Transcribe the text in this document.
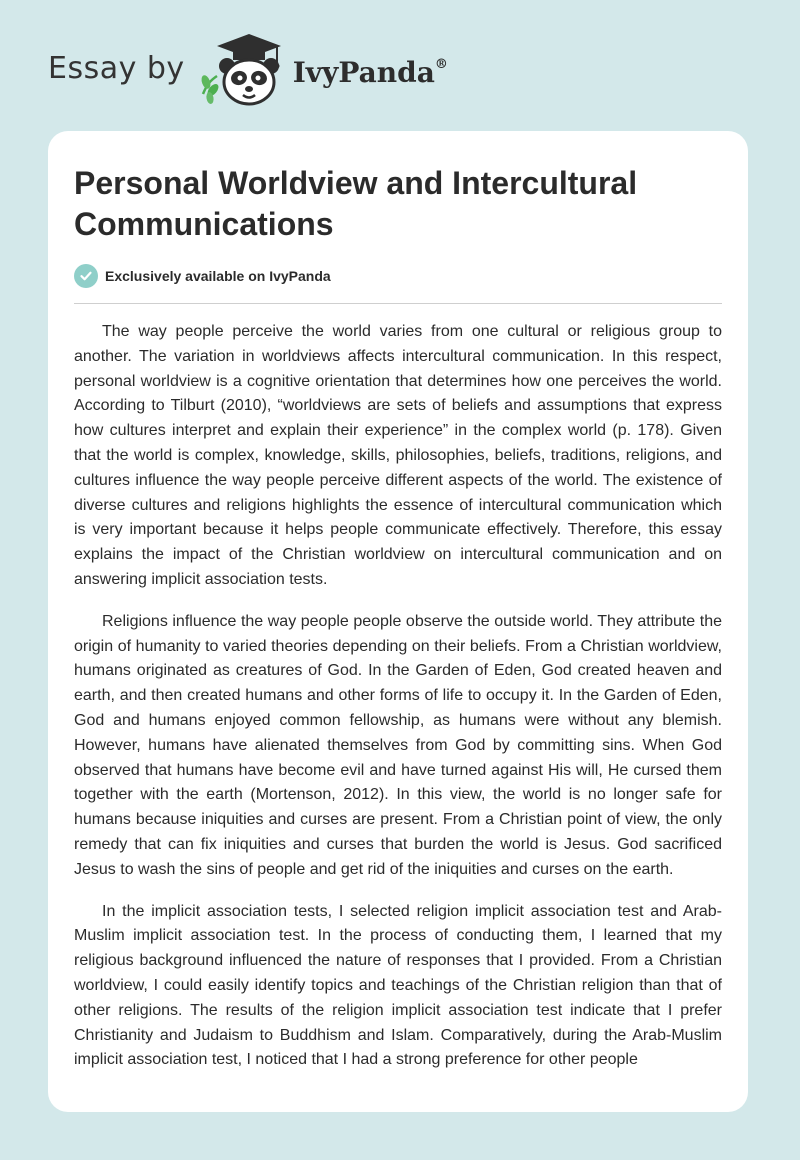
Essay by	IvyPanda®
Personal Worldview and Intercultural Communications
Exclusively available on IvyPanda

The way people perceive the world varies from one cultural or religious group to another. The variation in worldviews affects intercultural communication. In this respect, personal worldview is a cognitive orientation that determines how one perceives the world. According to Tilburt (2010), “worldviews are sets of beliefs and assumptions that express how cultures interpret and explain their experience” in the complex world (p. 178). Given that the world is complex, knowledge, skills, philosophies, beliefs, traditions, religions, and cultures influence the way people perceive different aspects of the world. The existence of diverse cultures and religions highlights the essence of intercultural communication which is very important because it helps people communicate effectively. Therefore, this essay explains the impact of the Christian worldview on intercultural communication and on answering implicit association tests.

Religions influence the way people people observe the outside world. They attribute the origin of humanity to varied theories depending on their beliefs. From a Christian worldview, humans originated as creatures of God. In the Garden of Eden, God created heaven and earth, and then created humans and other forms of life to occupy it. In the Garden of Eden, God and humans enjoyed common fellowship, as humans were without any blemish. However, humans have alienated themselves from God by committing sins. When God observed that humans have become evil and have turned against His will, He cursed them together with the earth (Mortenson, 2012). In this view, the world is no longer safe for humans because iniquities and curses are present. From a Christian point of view, the only remedy that can fix iniquities and curses that burden the world is Jesus. God sacrificed Jesus to wash the sins of people and get rid of the iniquities and curses on the earth.

In the implicit association tests, I selected religion implicit association test and Arab-Muslim implicit association test. In the process of conducting them, I learned that my religious background influenced the nature of responses that I provided. From a Christian worldview, I could easily identify topics and teachings of the Christian religion than that of other religions. The results of the religion implicit association test indicate that I prefer Christianity and Judaism to Buddhism and Islam. Comparatively, during the Arab-Muslim implicit association test, I noticed that I had a strong preference for other people
